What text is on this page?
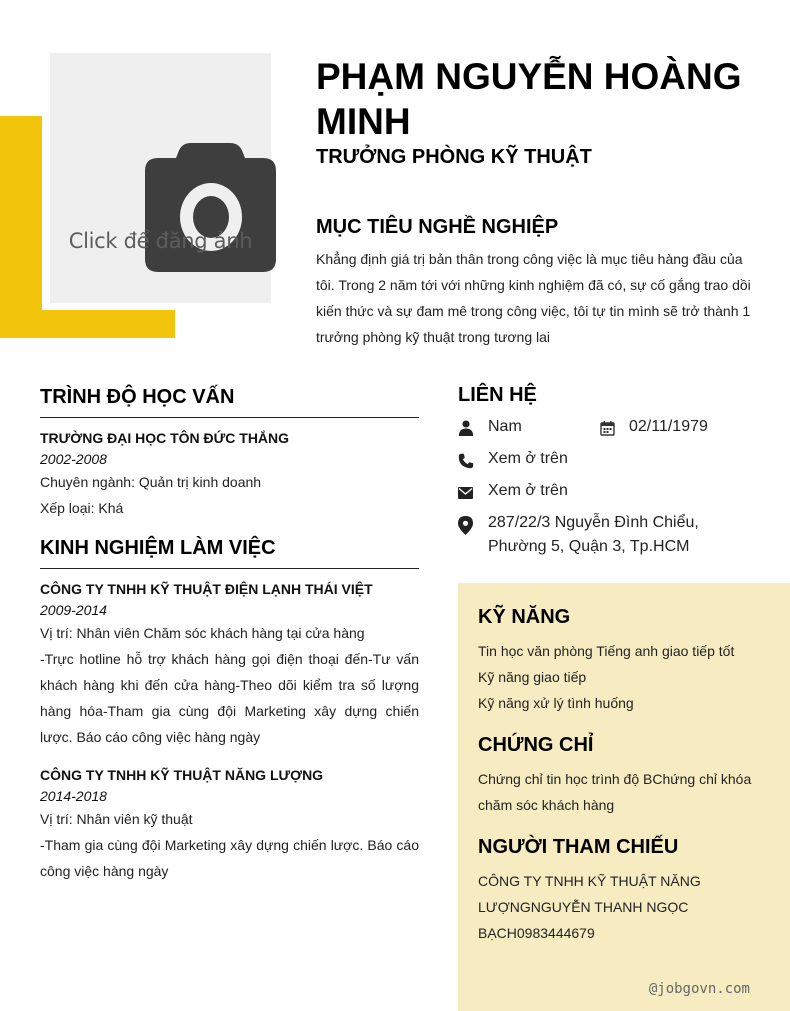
Click để đăng ảnh
PHẠM NGUYỄN HOÀNG MINH
TRƯỞNG PHÒNG KỸ THUẬT
MỤC TIÊU NGHỀ NGHIỆP
Khẳng định giá trị bản thân trong công việc là mục tiêu hàng đầu của tôi. Trong 2 năm tới với những kinh nghiệm đã có, sự cố gắng trao dồi kiến thức và sự đam mê trong công việc, tôi tự tin mình sẽ trở thành 1 trưởng phòng kỹ thuật trong tương lai
TRÌNH ĐỘ HỌC VẤN
TRƯỜNG ĐẠI HỌC TÔN ĐỨC THẮNG
2002-2008
Chuyên ngành: Quản trị kinh doanh
Xếp loại: Khá
KINH NGHIỆM LÀM VIỆC
CÔNG TY TNHH KỸ THUẬT ĐIỆN LẠNH THÁI VIỆT
2009-2014
Vị trí: Nhân viên Chăm sóc khách hàng tại cửa hàng
-Trực hotline hỗ trợ khách hàng gọi điện thoại đến-Tư vấn khách hàng khi đến cửa hàng-Theo dõi kiểm tra số lượng hàng hóa-Tham gia cùng đội Marketing xây dựng chiến lược. Báo cáo công việc hàng ngày
CÔNG TY TNHH KỸ THUẬT NĂNG LƯỢNG
2014-2018
Vị trí: Nhân viên kỹ thuật
-Tham gia cùng đội Marketing xây dựng chiến lược. Báo cáo công việc hàng ngày
LIÊN HỆ
Nam	02/11/1979
Xem ở trên
Xem ở trên
287/22/3 Nguyễn Đình Chiểu, Phường 5, Quận 3, Tp.HCM
KỸ NĂNG
Tin học văn phòng Tiếng anh giao tiếp tốt
Kỹ năng giao tiếp
Kỹ năng xử lý tình huống
CHỨNG CHỈ
Chứng chỉ tin học trình độ BChứng chỉ khóa
chăm sóc khách hàng
NGƯỜI THAM CHIẾU
CÔNG TY TNHH KỸ THUẬT NĂNG
LƯỢNGNGUYỄN THANH NGỌC
BẠCH0983444679
@jobgovn.com
